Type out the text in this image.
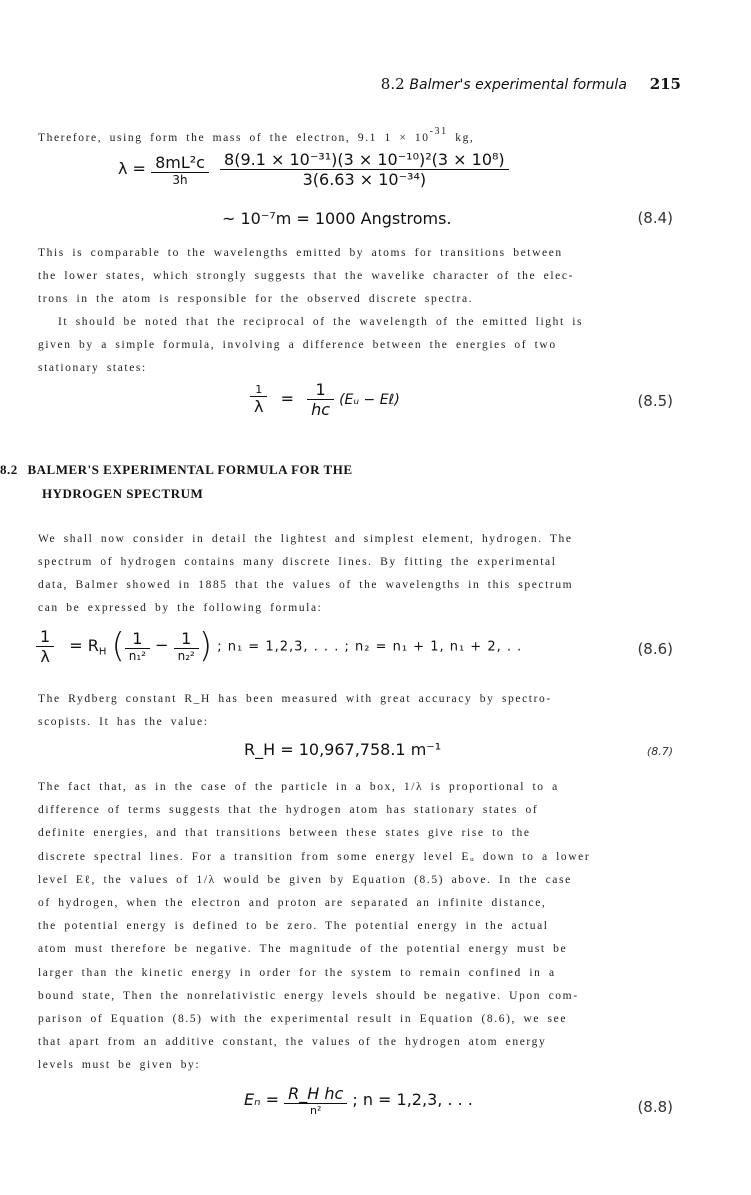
8.2 Balmer's experimental formula 215
Therefore, using form the mass of the electron, 9.1 1 × 10-31 kg,
$\lambda = \frac{\text{8mL²c}}{3h}$
$\frac{\text{8(9.1 × 10⁻³¹)(3 × 10⁻¹⁰)²(3 × 10⁸)}}{\text{3(6.63 × 10⁻³⁴)}}$
~ 10⁻⁷m = 1000 Angstroms.	(8.4)
This is comparable to the wavelengths emitted by atoms for transitions between
the lower states, which strongly suggests that the wavelike character of the elec-
trons in the atom is responsible for the observed discrete spectra.
It should be noted that the reciprocal of the wavelength of the emitted light is
given by a simple formula, involving a difference between the energies of two
stationary states:
$\frac{1}{\lambda} = \frac{1}{hc}$ (Eᵤ − Eℓ)	(8.5)
8.2 BALMER'S EXPERIMENTAL FORMULA FOR THE
HYDROGEN SPECTRUM
We shall now consider in detail the lightest and simplest element, hydrogen. The
spectrum of hydrogen contains many discrete lines. By fitting the experimental
data, Balmer showed in 1885 that the values of the wavelengths in this spectrum
can be expressed by the following formula:
$\frac{1}{\lambda} = R_H$ ( $\frac{1}{\text{n₁²}} - \frac{1}{\text{n₂²}}$ ) ; n₁ = 1,2,3, . . . ; n₂ = n₁ + 1, n₁ + 2, . .	(8.6)
The Rydberg constant R_H has been measured with great accuracy by spectro-
scopists. It has the value:
R_H = 10,967,758.1 m⁻¹	(8.7)
The fact that, as in the case of the particle in a box, 1/λ is proportional to a
difference of terms suggests that the hydrogen atom has stationary states of
definite energies, and that transitions between these states give rise to the
discrete spectral lines. For a transition from some energy level Eᵤ down to a lower
level Eℓ, the values of 1/λ would be given by Equation (8.5) above. In the case
of hydrogen, when the electron and proton are separated an infinite distance,
the potential energy is defined to be zero. The potential energy in the actual
atom must therefore be negative. The magnitude of the potential energy must be
larger than the kinetic energy in order for the system to remain confined in a
bound state, Then the nonrelativistic energy levels should be negative. Upon com-
parison of Equation (8.5) with the experimental result in Equation (8.6), we see
that apart from an additive constant, the values of the hydrogen atom energy
levels must be given by:
$E_n = \frac{\text{R\_H hc}}{\text{n²}}$ ; n = 1,2,3, . . .	(8.8)
